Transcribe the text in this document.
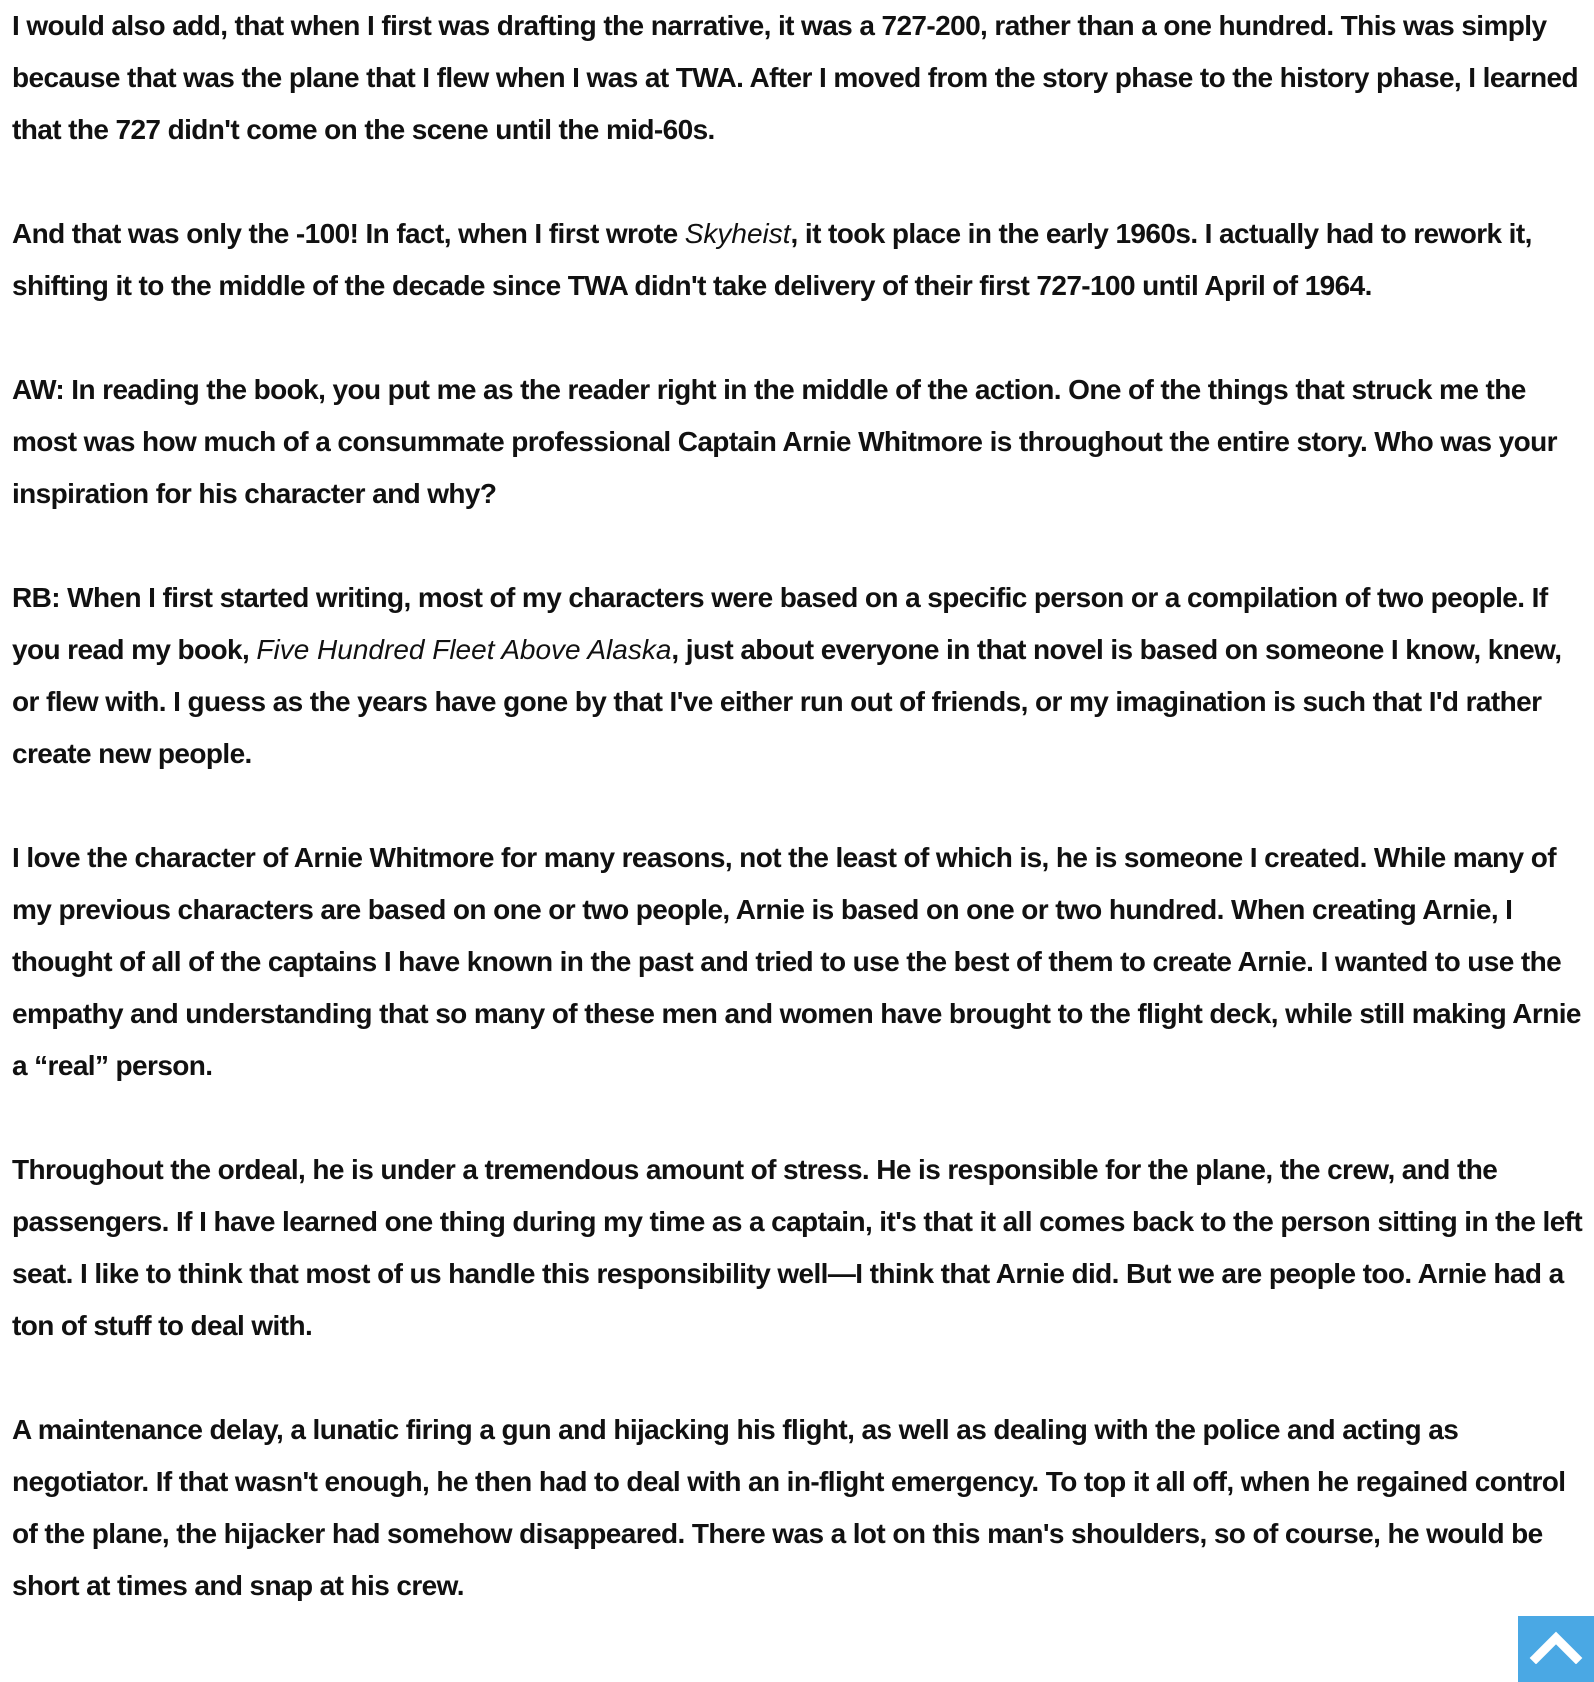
I would also add, that when I first was drafting the narrative, it was a 727-200, rather than a one hundred. This was simply because that was the plane that I flew when I was at TWA. After I moved from the story phase to the history phase, I learned that the 727 didn't come on the scene until the mid-60s.

And that was only the -100! In fact, when I first wrote Skyheist, it took place in the early 1960s. I actually had to rework it, shifting it to the middle of the decade since TWA didn't take delivery of their first 727-100 until April of 1964.

AW: In reading the book, you put me as the reader right in the middle of the action. One of the things that struck me the most was how much of a consummate professional Captain Arnie Whitmore is throughout the entire story. Who was your inspiration for his character and why?

RB: When I first started writing, most of my characters were based on a specific person or a compilation of two people. If you read my book, Five Hundred Fleet Above Alaska, just about everyone in that novel is based on someone I know, knew, or flew with. I guess as the years have gone by that I've either run out of friends, or my imagination is such that I'd rather create new people.

I love the character of Arnie Whitmore for many reasons, not the least of which is, he is someone I created. While many of my previous characters are based on one or two people, Arnie is based on one or two hundred. When creating Arnie, I thought of all of the captains I have known in the past and tried to use the best of them to create Arnie. I wanted to use the empathy and understanding that so many of these men and women have brought to the flight deck, while still making Arnie a “real” person.

Throughout the ordeal, he is under a tremendous amount of stress. He is responsible for the plane, the crew, and the passengers. If I have learned one thing during my time as a captain, it's that it all comes back to the person sitting in the left seat. I like to think that most of us handle this responsibility well—I think that Arnie did. But we are people too. Arnie had a ton of stuff to deal with.

A maintenance delay, a lunatic firing a gun and hijacking his flight, as well as dealing with the police and acting as negotiator. If that wasn't enough, he then had to deal with an in-flight emergency. To top it all off, when he regained control of the plane, the hijacker had somehow disappeared. There was a lot on this man's shoulders, so of course, he would be short at times and snap at his crew.
